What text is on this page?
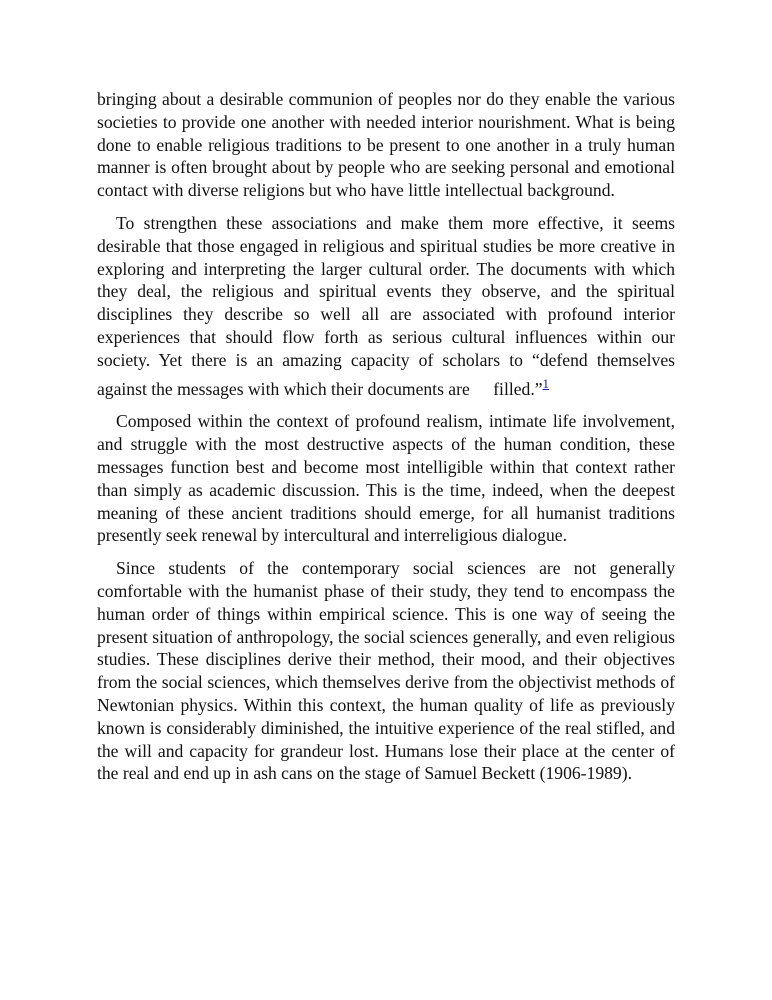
bringing about a desirable communion of peoples nor do they enable the various societies to provide one another with needed interior nourishment. What is being done to enable religious traditions to be present to one another in a truly human manner is often brought about by people who are seeking personal and emotional contact with diverse religions but who have little intellectual background.

To strengthen these associations and make them more effective, it seems desirable that those engaged in religious and spiritual studies be more creative in exploring and interpreting the larger cultural order. The documents with which they deal, the religious and spiritual events they observe, and the spiritual disciplines they describe so well all are associated with profound interior experiences that should flow forth as serious cultural influences within our society. Yet there is an amazing capacity of scholars to “defend themselves against the messages with which their documents are filled.”$^1$

Composed within the context of profound realism, intimate life involvement, and struggle with the most destructive aspects of the human condition, these messages function best and become most intelligible within that context rather than simply as academic discussion. This is the time, indeed, when the deepest meaning of these ancient traditions should emerge, for all humanist traditions presently seek renewal by intercultural and interreligious dialogue.

Since students of the contemporary social sciences are not generally comfortable with the humanist phase of their study, they tend to encompass the human order of things within empirical science. This is one way of seeing the present situation of anthropology, the social sciences generally, and even religious studies. These disciplines derive their method, their mood, and their objectives from the social sciences, which themselves derive from the objectivist methods of Newtonian physics. Within this context, the human quality of life as previously known is considerably diminished, the intuitive experience of the real stifled, and the will and capacity for grandeur lost. Humans lose their place at the center of the real and end up in ash cans on the stage of Samuel Beckett (1906-1989).
